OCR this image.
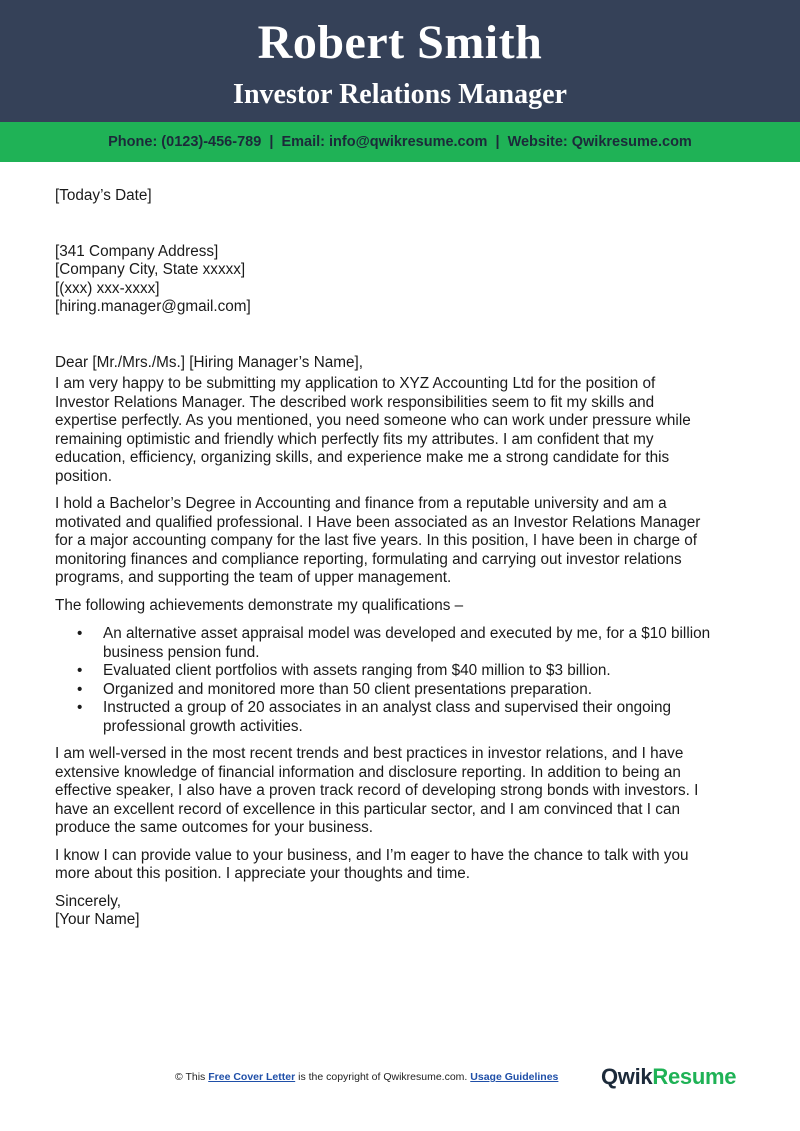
Robert Smith
Investor Relations Manager
Phone: (0123)-456-789 | Email: info@qwikresume.com | Website: Qwikresume.com
[Today’s Date]
[341 Company Address]
[Company City, State xxxxx]
[(xxx) xxx-xxxx]
[hiring.manager@gmail.com]
Dear [Mr./Mrs./Ms.] [Hiring Manager’s Name],

I am very happy to be submitting my application to XYZ Accounting Ltd for the position of
Investor Relations Manager. The described work responsibilities seem to fit my skills and
expertise perfectly. As you mentioned, you need someone who can work under pressure while
remaining optimistic and friendly which perfectly fits my attributes. I am confident that my
education, efficiency, organizing skills, and experience make me a strong candidate for this
position.

I hold a Bachelor’s Degree in Accounting and finance from a reputable university and am a
motivated and qualified professional. I Have been associated as an Investor Relations Manager
for a major accounting company for the last five years. In this position, I have been in charge of
monitoring finances and compliance reporting, formulating and carrying out investor relations
programs, and supporting the team of upper management.

The following achievements demonstrate my qualifications –
• An alternative asset appraisal model was developed and executed by me, for a $10 billion
business pension fund.
• Evaluated client portfolios with assets ranging from $40 million to $3 billion.
• Organized and monitored more than 50 client presentations preparation.
• Instructed a group of 20 associates in an analyst class and supervised their ongoing
professional growth activities.

I am well-versed in the most recent trends and best practices in investor relations, and I have
extensive knowledge of financial information and disclosure reporting. In addition to being an
effective speaker, I also have a proven track record of developing strong bonds with investors. I
have an excellent record of excellence in this particular sector, and I am convinced that I can
produce the same outcomes for your business.

I know I can provide value to your business, and I’m eager to have the chance to talk with you
more about this position. I appreciate your thoughts and time.

Sincerely,
[Your Name]
© This Free Cover Letter is the copyright of Qwikresume.com. Usage Guidelines QwikResume
